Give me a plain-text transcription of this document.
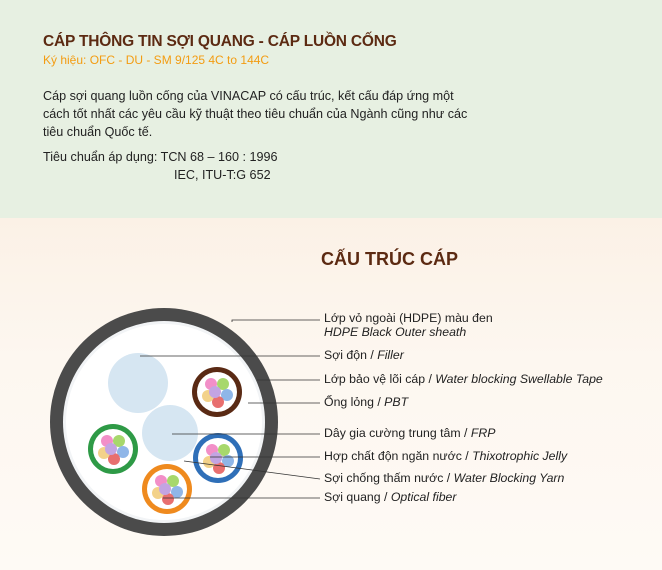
CÁP THÔNG TIN SỢI QUANG - CÁP LUỒN CỐNG
Ký hiệu: OFC - DU - SM 9/125 4C to 144C
Cáp sợi quang luồn cống của VINACAP có cấu trúc, kết cấu đáp ứng một cách tốt nhất các yêu cầu kỹ thuật theo tiêu chuẩn của Ngành cũng như các tiêu chuẩn Quốc tế.
Tiêu chuẩn áp dụng: TCN 68 – 160 : 1996
IEC, ITU-T:G 652
CẤU TRÚC CÁP
Lớp vỏ ngoài (HDPE) màu đen
HDPE Black Outer sheath
Sợi độn / Filler
Lớp bảo vệ lõi cáp / Water blocking Swellable Tape
Ống lỏng / PBT
Dây gia cường trung tâm / FRP
Hợp chất độn ngăn nước / Thixotrophic Jelly
Sợi chống thấm nước / Water Blocking Yarn
Sợi quang / Optical fiber
